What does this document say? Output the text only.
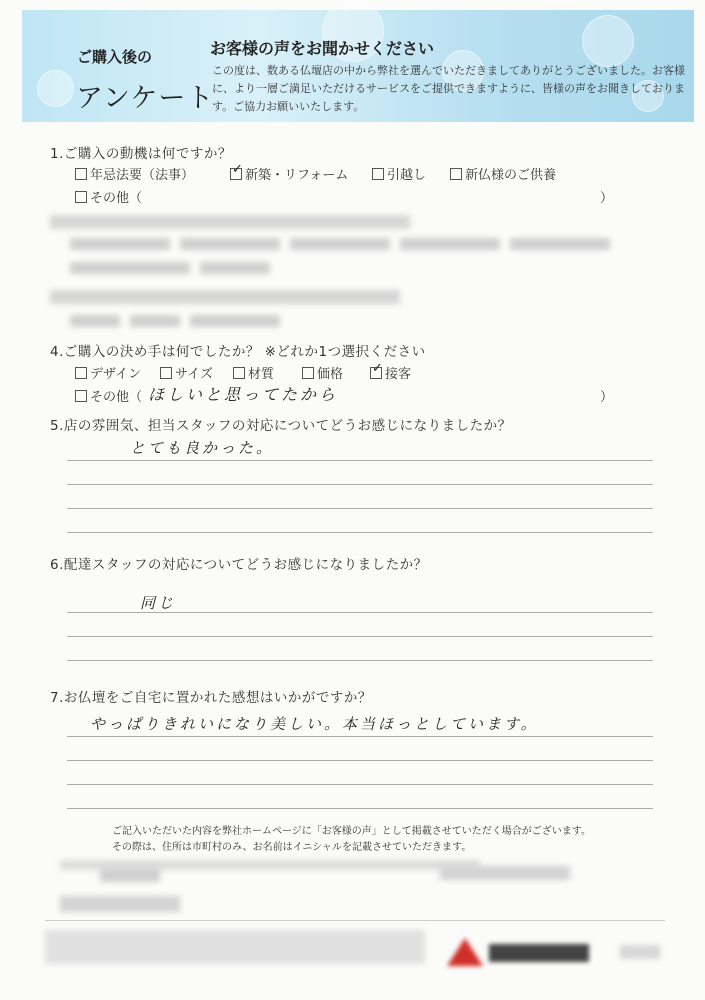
ご購入後の
アンケート
お客様の声をお聞かせください
この度は、数ある仏壇店の中から弊社を選んでいただきましてありがとうございました。お客様に、より一層ご満足いただけるサービスをご提供できますように、皆様の声をお聞きしております。ご協力お願いいたします。
1.ご購入の動機は何ですか？
年忌法要（法事） ✓	新築・リフォーム	引越し	新仏様のご供養
その他（	）
4.ご購入の決め手は何でしたか？ ※どれか1つ選択ください
デザイン	サイズ	材質	価格 ✓	接客
その他（ ほしいと思ってたから	）
5.店の雰囲気、担当スタッフの対応についてどうお感じになりましたか？
とても良かった。
6.配達スタッフの対応についてどうお感じになりましたか？
同じ
7.お仏壇をご自宅に置かれた感想はいかがですか？
やっぱりきれいになり美しい。本当ほっとしています。
ご記入いただいた内容を弊社ホームページに「お客様の声」として掲載させていただく場合がございます。
その際は、住所は市町村のみ、お名前はイニシャルを記載させていただきます。
